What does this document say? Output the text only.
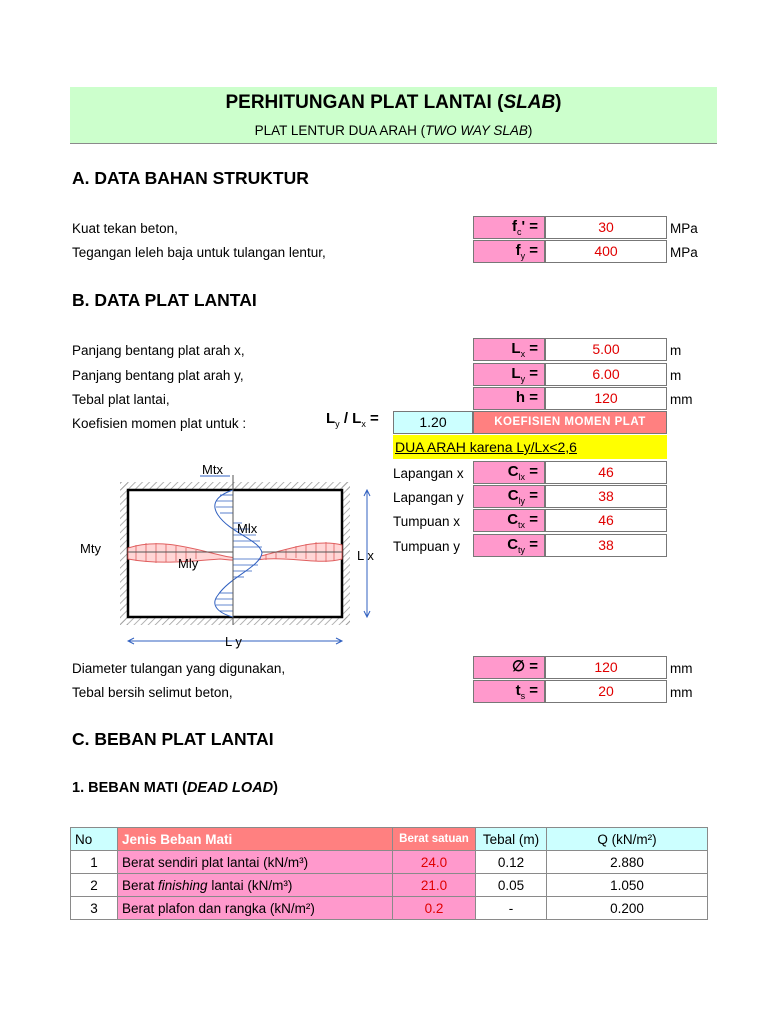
PERHITUNGAN PLAT LANTAI (SLAB)
PLAT LENTUR DUA ARAH (TWO WAY SLAB)
A. DATA BAHAN STRUKTUR
Kuat tekan beton,	$f_c'$ =	30	MPa
Tegangan leleh baja untuk tulangan lentur,	$f_y$ =	400	MPa
B. DATA PLAT LANTAI
Panjang bentang plat arah x,	$L_x$ =	5.00	m
Panjang bentang plat arah y,	$L_y$ =	6.00	m
Tebal plat lantai,	h =	120	mm
Koefisien momen plat untuk :	$L_y / L_x$ =	1.20	KOEFISIEN MOMEN PLAT
DUA ARAH karena Ly/Lx<2,6
Lapangan x	$C_{lx}$ =	46
Lapangan y	$C_{ly}$ =	38
Tumpuan x	$C_{tx}$ =	46
Tumpuan y	$C_{ty}$ =	38
Mtx
Mlx
Mty
Mly
L x
L y
Diameter tulangan yang digunakan,	∅ =	120	mm
Tebal bersih selimut beton,	$t_s$ =	20	mm
C. BEBAN PLAT LANTAI
1. BEBAN MATI (DEAD LOAD)
No	Jenis Beban Mati	Berat satuan	Tebal (m)	Q (kN/m²)
1	Berat sendiri plat lantai (kN/m³)	24.0	0.12	2.880
2	Berat finishing lantai (kN/m³)	21.0	0.05	1.050
3	Berat plafon dan rangka (kN/m²)	0.2	-	0.200
